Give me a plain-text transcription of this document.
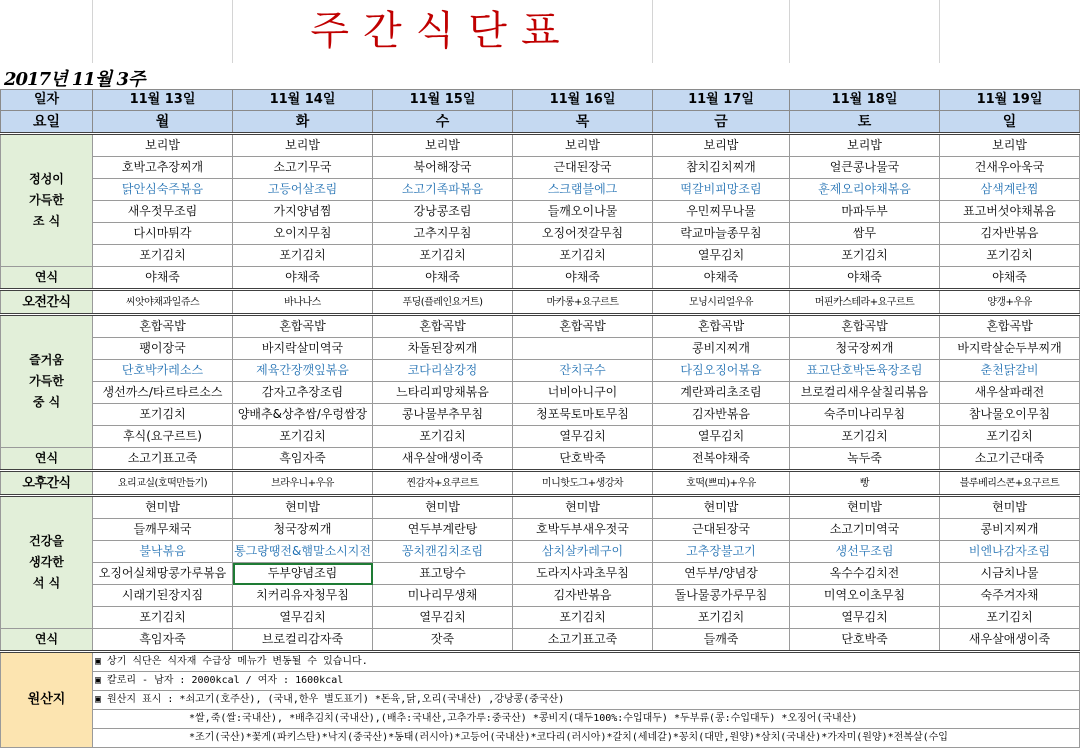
주간식단표
2017년 11월 3주
일자	11월 13일	11월 14일	11월 15일	11월 16일	11월 17일	11월 18일	11월 19일
요일	월	화	수	목	금	토	일
정성이
가득한
조 식	보리밥	보리밥	보리밥	보리밥	보리밥	보리밥	보리밥
	호박고추장찌개	소고기무국	북어해장국	근대된장국	참치김치찌개	얼큰콩나물국	건새우아욱국
	닭안심숙주볶음	고등어살조림	소고기족파볶음	스크램블에그	떡갈비피망조림	훈제오리야채볶음	삼색계란찜
	새우젓무조림	가지양념찜	강낭콩조림	들깨오이나물	우민찌무나물	마파두부	표고버섯야채볶음
	다시마튀각	오이지무침	고추지무침	오징어젓갈무침	락교마늘종무침	쌈무	김자반볶음
	포기김치	포기김치	포기김치	포기김치	열무김치	포기김치	포기김치
연식	야채죽	야채죽	야채죽	야채죽	야채죽	야채죽	야채죽
오전간식	씨앗야채과일쥬스	바나나스	푸딩(플레인요거트)	마카롱+요구르트	모닝시리얼우유	머핀카스테라+요구르트	양갱+우유
즐거움
가득한
중 식	혼합곡밥	혼합곡밥	혼합곡밥	혼합곡밥	혼합곡밥	혼합곡밥	혼합곡밥
	팽이장국	바지락살미역국	차돌된장찌개		콩비지찌개	청국장찌개	바지락살순두부찌개
	단호박카레소스	제육간장깻잎볶음	코다리살강정	잔치국수	다짐오징어볶음	표고단호박돈육장조림	춘천닭갈비
	생선까스/타르타르소스	감자고추장조림	느타리피망채볶음	너비아니구이	계란꽈리초조림	브로컬리새우살칠리볶음	새우살파래전
	포기김치	양배추&상추쌈/우렁쌈장	콩나물부추무침	청포묵토마토무침	김자반볶음	숙주미나리무침	참나물오이무침
	후식(요구르트)	포기김치	포기김치	열무김치	열무김치	포기김치	포기김치
연식	소고기표고죽	흑임자죽	새우살애생이죽	단호박죽	전복야채죽	녹두죽	소고기근대죽
오후간식	요리교실(호떡만들기)	브라우니+우유	찐감자+요쿠르트	미니핫도그+생강차	호떡(쁘띠)+우유	빵	블루베리스콘+요구르트
건강을
생각한
석 식	현미밥	현미밥	현미밥	현미밥	현미밥	현미밥	현미밥
	들깨무채국	청국장찌개	연두부계란탕	호박두부새우젓국	근대된장국	소고기미역국	콩비지찌개
	불낙볶음	통그랑땡전&햄말소시지전	꽁치캔김치조림	삼치살카레구이	고추장불고기	생선무조림	비엔나감자조림
	오징어실채땅콩가루볶음	두부양념조림	표고탕수	도라지사과초무침	연두부/양념장	옥수수김치전	시금치나물
	시래기된장지짐	치커리유자청무침	미나리무생채	김자반볶음	돌나물콩가루무침	미역오이초무침	숙주겨자채
	포기김치	열무김치	열무김치	포기김치	포기김치	열무김치	포기김치
연식	흑임자죽	브로컬리감자죽	잣죽	소고기표고죽	들깨죽	단호박죽	새우살애생이죽
원산지	▣ 상기 식단은 식자재 수급상 메뉴가 변동될 수 있습니다.						
	▣ 칼로리 - 남자 : 2000kcal / 여자 : 1600kcal						
	▣ 원산지 표시 : *쇠고기(호주산), (국내,한우 별도표기) *돈육,닭,오리(국내산) ,강낭콩(중국산)						
	*쌀,죽(쌀:국내산), *배추김치(국내산),(배추:국내산,고추가루:중국산) *콩비지(대두100%:수입대두) *두부류(콩:수입대두) *오징어(국내산)						
	*조기(국산)*꽃게(파키스탄)*낙지(중국산)*동태(러시아)*고등어(국내산)*코다리(러시아)*갈치(세네갈)*꽁치(대만,원양)*삼치(국내산)*가자미(원양)*전복살(수입						
